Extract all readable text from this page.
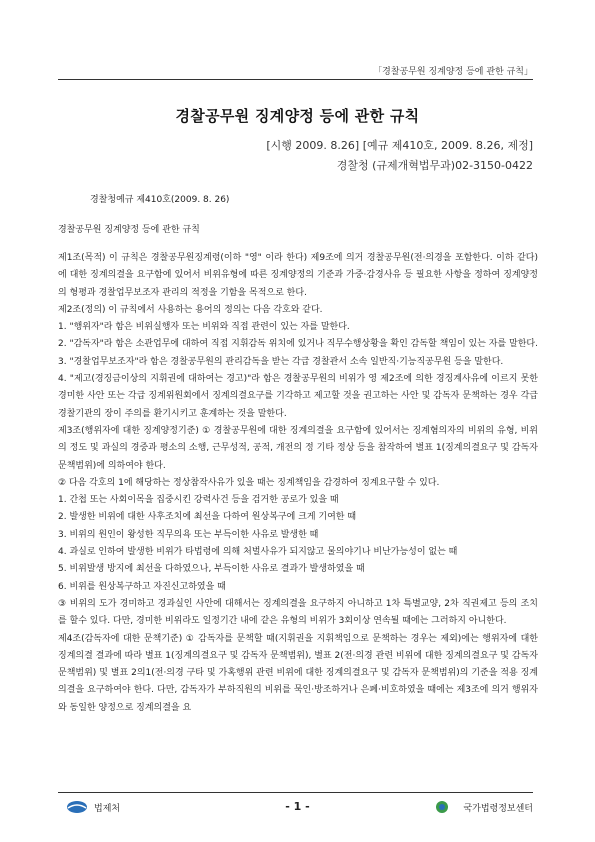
「경찰공무원 징계양정 등에 관한 규칙」
경찰공무원 징계양정 등에 관한 규칙
[시행 2009. 8.26] [예규 제410호, 2009. 8.26, 제정]
경찰청 (규제개혁법무과)02-3150-0422
경찰청예규 제410호(2009. 8. 26)
경찰공무원 징계양정 등에 관한 규칙

제1조(목적) 이 규칙은 경찰공무원징계령(이하 "영" 이라 한다) 제9조에 의거 경찰공무원(전·의경을 포함한다. 이하 같다)에 대한 징계의결을 요구함에 있어서 비위유형에 따른 징계양정의 기준과 가중·감경사유 등 필요한 사항을 정하여 징계양정의 형평과 경찰업무보조자 관리의 적정을 기함을 목적으로 한다.

제2조(정의) 이 규칙에서 사용하는 용어의 정의는 다음 각호와 같다.

1. "행위자"라 함은 비위실행자 또는 비위와 직접 관련이 있는 자를 말한다.

2. "감독자"라 함은 소관업무에 대하여 직접 지휘감독 위치에 있거나 직무수행상황을 확인 감독할 책임이 있는 자를 말한다.

3. "경찰업무보조자"라 함은 경찰공무원의 관리감독을 받는 각급 경찰관서 소속 일반직·기능직공무원 등을 말한다.

4. "제고(경징금이상의 지휘권에 대하여는 경고)"라 함은 경찰공무원의 비위가 영 제2조에 의한 경징계사유에 이르지 못한 경미한 사안 또는 각급 징계위원회에서 징계의결요구를 기각하고 제고할 것을 권고하는 사안 및 감독자 문책하는 경우 각급 경찰기관의 장이 주의를 환기시키고 훈계하는 것을 말한다.

제3조(행위자에 대한 징계양정기준) ① 경찰공무원에 대한 징계의결을 요구함에 있어서는 징계혐의자의 비위의 유형, 비위의 정도 및 과실의 경중과 평소의 소행, 근무성적, 공적, 개전의 정 기타 정상 등을 참작하여 별표 1(징계의결요구 및 감독자 문책범위)에 의하여야 한다.

② 다음 각호의 1에 해당하는 정상참작사유가 있을 때는 징계책임을 감경하여 징계요구할 수 있다.

1. 간첩 또는 사회이목을 집중시킨 강력사건 등을 검거한 공로가 있을 때

2. 발생한 비위에 대한 사후조치에 최선을 다하여 원상복구에 크게 기여한 때

3. 비위의 원인이 왕성한 직무의욕 또는 부득이한 사유로 발생한 때

4. 과실로 인하여 발생한 비위가 타법령에 의해 처벌사유가 되지않고 물의야기나 비난가능성이 없는 때

5. 비위발생 방지에 최선을 다하였으나, 부득이한 사유로 결과가 발생하였을 때

6. 비위를 원상복구하고 자진신고하였을 때

③ 비위의 도가 경미하고 경과실인 사안에 대해서는 징계의결을 요구하지 아니하고 1차 특별교양, 2차 직권제고 등의 조치를 할수 있다. 다만, 경미한 비위라도 일정기간 내에 같은 유형의 비위가 3회이상 연속될 때에는 그러하지 아니한다.

제4조(감독자에 대한 문책기준) ① 감독자를 문책할 때(지휘권을 지휘책임으로 문책하는 경우는 제외)에는 행위자에 대한 징계의결 결과에 따라 별표 1(징계의결요구 및 감독자 문책범위), 별표 2(전·의경 관련 비위에 대한 징계의결요구 및 감독자 문책범위) 및 별표 2의1(전·의경 구타 및 가혹행위 관련 비위에 대한 징계의결요구 및 감독자 문책범위)의 기준을 적용 징계의결을 요구하여야 한다. 다만, 감독자가 부하직원의 비위를 묵인·방조하거나 은폐·비호하였을 때에는 제3조에 의거 행위자와 동일한 양정으로 징계의결을 요

법제처	- 1 -	국가법령정보센터
